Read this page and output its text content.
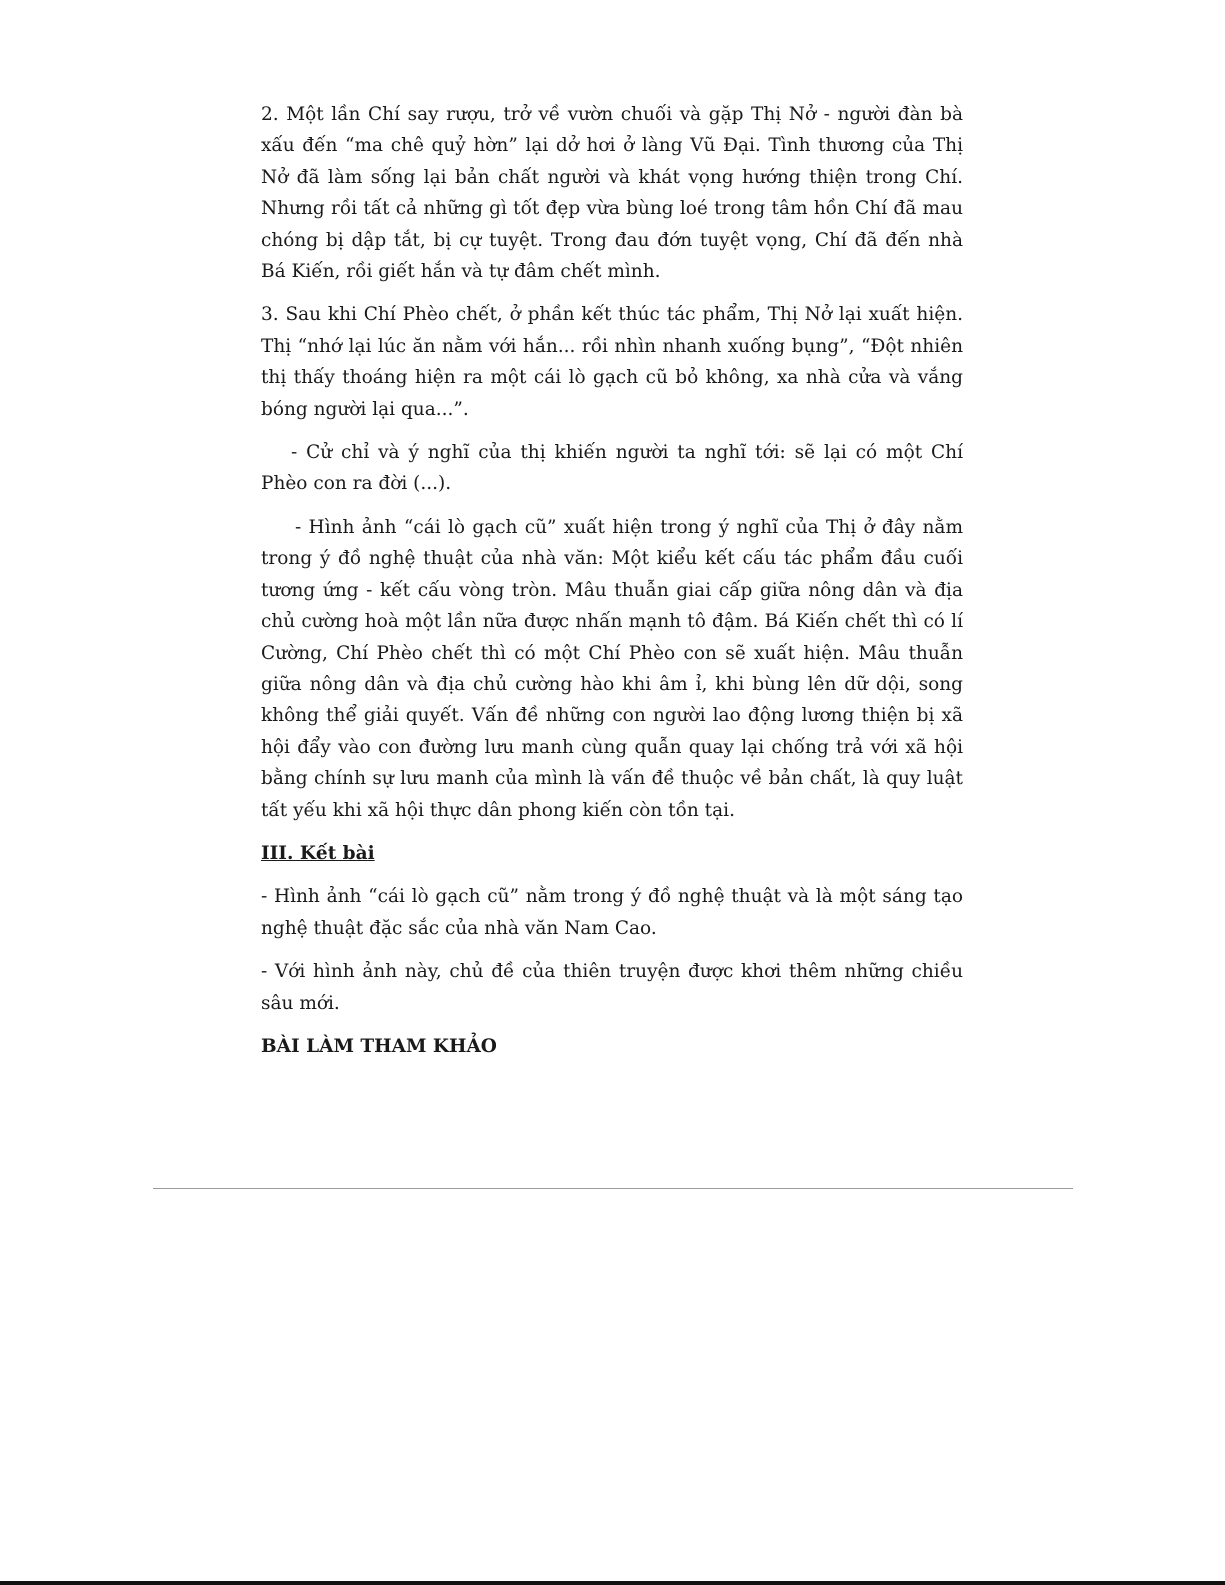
2. Một lần Chí say rượu, trở về vườn chuối và gặp Thị Nở - người đàn bà xấu đến “ma chê quỷ hờn” lại dở hơi ở làng Vũ Đại. Tình thương của Thị Nở đã làm sống lại bản chất người và khát vọng hướng thiện trong Chí. Nhưng rồi tất cả những gì tốt đẹp vừa bùng loé trong tâm hồn Chí đã mau chóng bị dập tắt, bị cự tuyệt. Trong đau đớn tuyệt vọng, Chí đã đến nhà Bá Kiến, rồi giết hắn và tự đâm chết mình.

3. Sau khi Chí Phèo chết, ở phần kết thúc tác phẩm, Thị Nở lại xuất hiện. Thị “nhớ lại lúc ăn nằm với hắn... rồi nhìn nhanh xuống bụng”, “Đột nhiên thị thấy thoáng hiện ra một cái lò gạch cũ bỏ không, xa nhà cửa và vắng bóng người lại qua...”.

- Cử chỉ và ý nghĩ của thị khiến người ta nghĩ tới: sẽ lại có một Chí Phèo con ra đời (...).

- Hình ảnh “cái lò gạch cũ” xuất hiện trong ý nghĩ của Thị ở đây nằm trong ý đồ nghệ thuật của nhà văn: Một kiểu kết cấu tác phẩm đầu cuối tương ứng - kết cấu vòng tròn. Mâu thuẫn giai cấp giữa nông dân và địa chủ cường hoà một lần nữa được nhấn mạnh tô đậm. Bá Kiến chết thì có lí Cường, Chí Phèo chết thì có một Chí Phèo con sẽ xuất hiện. Mâu thuẫn giữa nông dân và địa chủ cường hào khi âm ỉ, khi bùng lên dữ dội, song không thể giải quyết. Vấn đề những con người lao động lương thiện bị xã hội đẩy vào con đường lưu manh cùng quẫn quay lại chống trả với xã hội bằng chính sự lưu manh của mình là vấn đề thuộc về bản chất, là quy luật tất yếu khi xã hội thực dân phong kiến còn tồn tại.

III. Kết bài

- Hình ảnh “cái lò gạch cũ” nằm trong ý đồ nghệ thuật và là một sáng tạo nghệ thuật đặc sắc của nhà văn Nam Cao.

- Với hình ảnh này, chủ đề của thiên truyện được khơi thêm những chiều sâu mới.

BÀI LÀM THAM KHẢO
